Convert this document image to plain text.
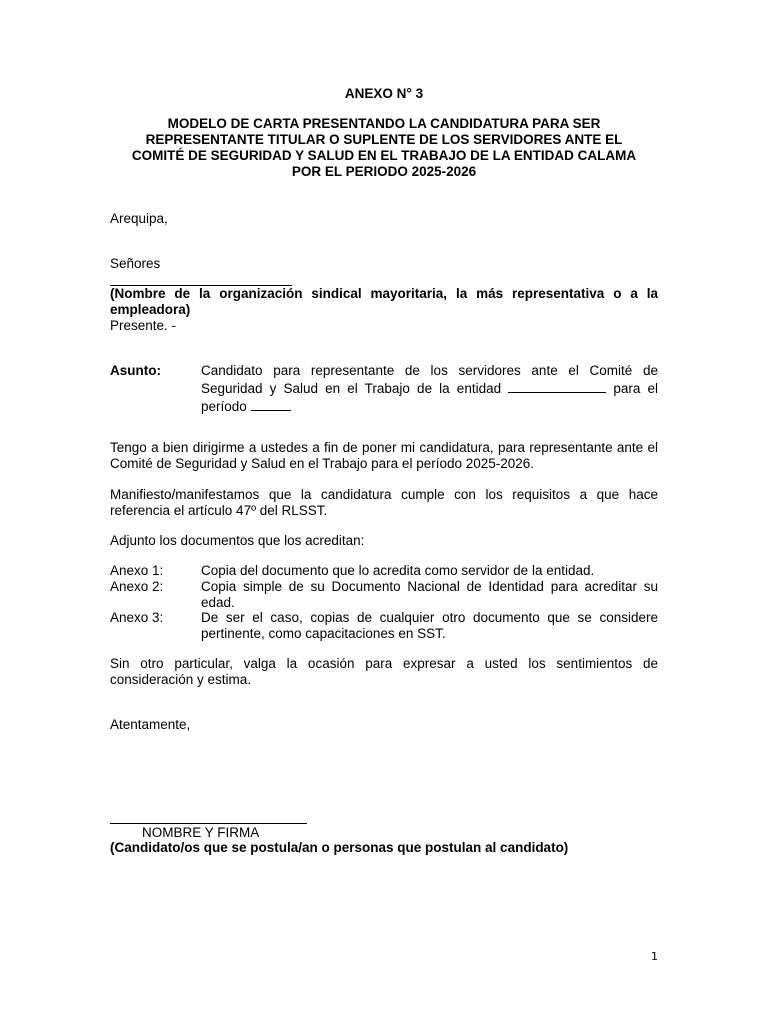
ANEXO N° 3
MODELO DE CARTA PRESENTANDO LA CANDIDATURA PARA SER
REPRESENTANTE TITULAR O SUPLENTE DE LOS SERVIDORES ANTE EL
COMITÉ DE SEGURIDAD Y SALUD EN EL TRABAJO DE LA ENTIDAD CALAMA
POR EL PERIODO 2025-2026
Arequipa,
Señores
(Nombre de la organización sindical mayoritaria, la más representativa o a la empleadora)
Presente. -
Asunto:	Candidato para representante de los servidores ante el Comité de Seguridad y Salud en el Trabajo de la entidad	para el período
Tengo a bien dirigirme a ustedes a fin de poner mi candidatura, para representante ante el Comité de Seguridad y Salud en el Trabajo para el período 2025-2026.
Manifiesto/manifestamos que la candidatura cumple con los requisitos a que hace referencia el artículo 47º del RLSST.
Adjunto los documentos que los acreditan:
Anexo 1:	Copia del documento que lo acredita como servidor de la entidad.
Anexo 2:	Copia simple de su Documento Nacional de Identidad para acreditar su edad.
Anexo 3:	De ser el caso, copias de cualquier otro documento que se considere pertinente, como capacitaciones en SST.
Sin otro particular, valga la ocasión para expresar a usted los sentimientos de consideración y estima.
Atentamente,
NOMBRE Y FIRMA
(Candidato/os que se postula/an o personas que postulan al candidato)
1
